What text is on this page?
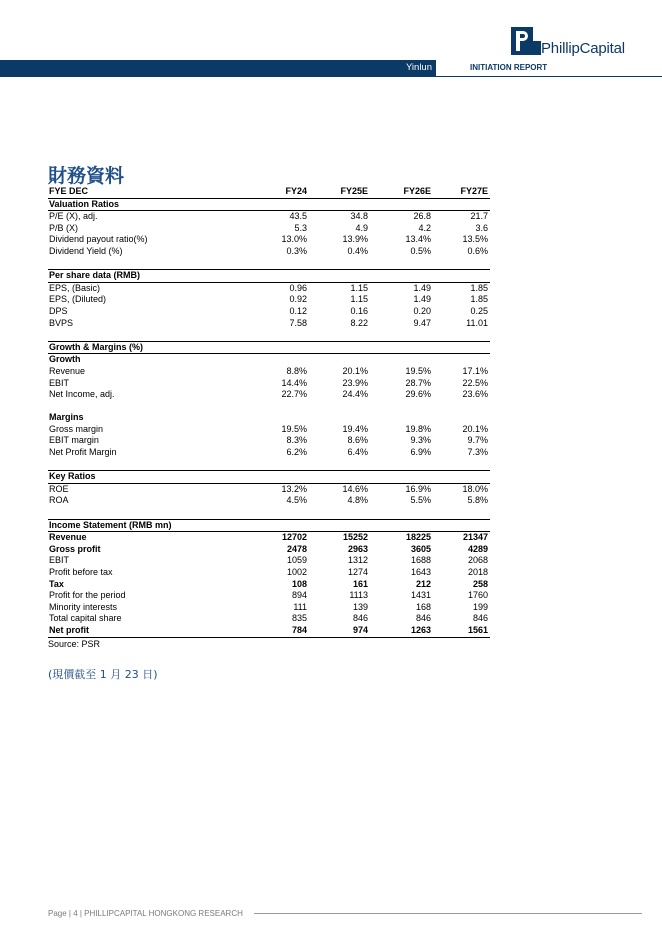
PhillipCapital
Yinlun	INITIATION REPORT
財務資料
FYE DEC	FY24	FY25E	FY26E	FY27E
Valuation Ratios
P/E (X), adj.	43.5	34.8	26.8	21.7
P/B (X)	5.3	4.9	4.2	3.6
Dividend payout ratio(%)	13.0%	13.9%	13.4%	13.5%
Dividend Yield (%)	0.3%	0.4%	0.5%	0.6%
Per share data (RMB)
EPS, (Basic)	0.96	1.15	1.49	1.85
EPS, (Diluted)	0.92	1.15	1.49	1.85
DPS	0.12	0.16	0.20	0.25
BVPS	7.58	8.22	9.47	11.01
Growth & Margins (%)
Growth
Revenue	8.8%	20.1%	19.5%	17.1%
EBIT	14.4%	23.9%	28.7%	22.5%
Net Income, adj.	22.7%	24.4%	29.6%	23.6%
Margins
Gross margin	19.5%	19.4%	19.8%	20.1%
EBIT margin	8.3%	8.6%	9.3%	9.7%
Net Profit Margin	6.2%	6.4%	6.9%	7.3%
Key Ratios
ROE	13.2%	14.6%	16.9%	18.0%
ROA	4.5%	4.8%	5.5%	5.8%
Income Statement (RMB mn)
Revenue	12702	15252	18225	21347
Gross profit	2478	2963	3605	4289
EBIT	1059	1312	1688	2068
Profit before tax	1002	1274	1643	2018
Tax	108	161	212	258
Profit for the period	894	1113	1431	1760
Minority interests	111	139	168	199
Total capital share	835	846	846	846
Net profit	784	974	1263	1561
Source: PSR
(現價截至 1 月 23 日)
Page | 4 | PHILLIPCAPITAL HONGKONG RESEARCH
